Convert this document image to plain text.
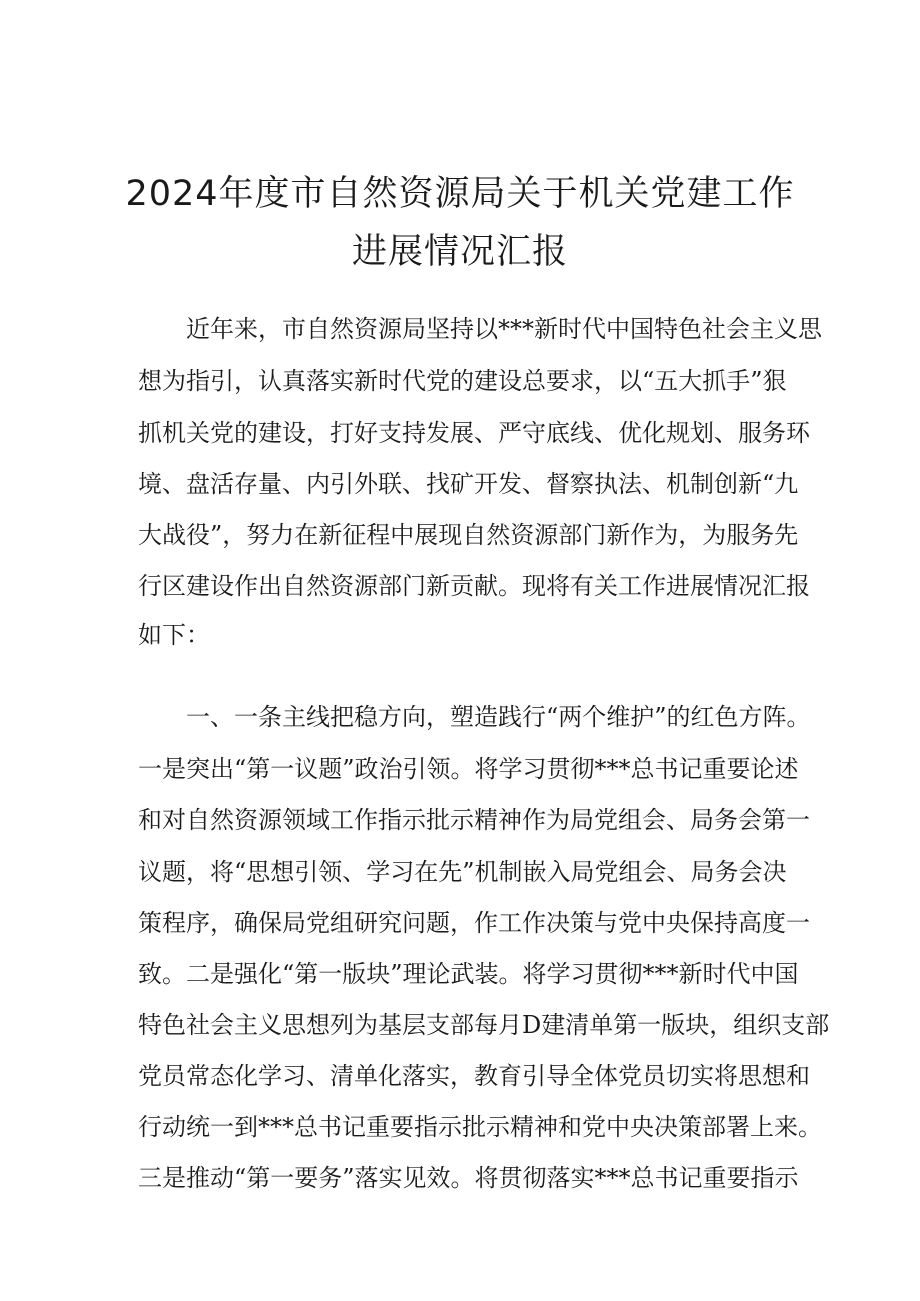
2024年度市自然资源局关于机关党建工作
进展情况汇报

近年来，市自然资源局坚持以***新时代中国特色社会主义思

想为指引，认真落实新时代党的建设总要求，以“五大抓手”狠

抓机关党的建设，打好支持发展、严守底线、优化规划、服务环

境、盘活存量、内引外联、找矿开发、督察执法、机制创新“九

大战役”，努力在新征程中展现自然资源部门新作为，为服务先

行区建设作出自然资源部门新贡献。现将有关工作进展情况汇报

如下：

一、一条主线把稳方向，塑造践行“两个维护”的红色方阵。

一是突出“第一议题”政治引领。将学习贯彻***总书记重要论述

和对自然资源领域工作指示批示精神作为局党组会、局务会第一

议题，将“思想引领、学习在先”机制嵌入局党组会、局务会决

策程序，确保局党组研究问题，作工作决策与党中央保持高度一

致。二是强化“第一版块”理论武装。将学习贯彻***新时代中国

特色社会主义思想列为基层支部每月D建清单第一版块，组织支部

党员常态化学习、清单化落实，教育引导全体党员切实将思想和

行动统一到***总书记重要指示批示精神和党中央决策部署上来。

三是推动“第一要务”落实见效。将贯彻落实***总书记重要指示
